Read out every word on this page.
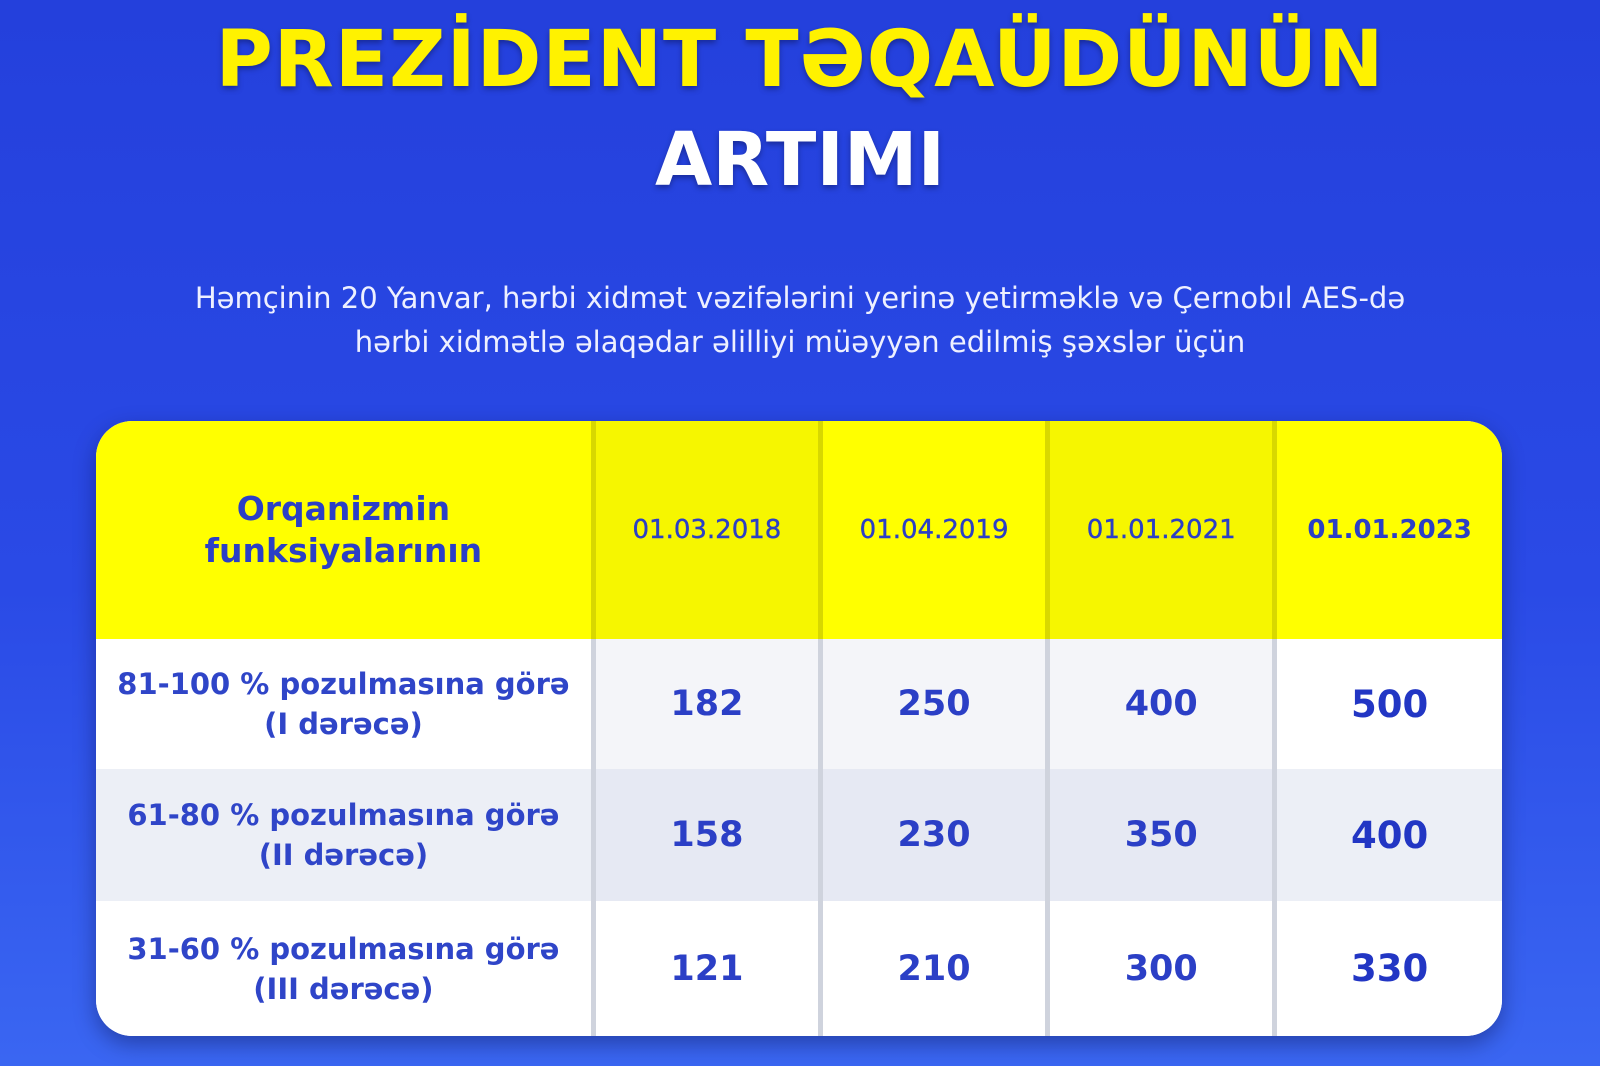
PREZİDENT TƏQAÜDÜNÜN
ARTIMI
Həmçinin 20 Yanvar, hərbi xidmət vəzifələrini yerinə yetirməklə və Çernobıl AES-də
hərbi xidmətlə əlaqədar əlilliyi müəyyən edilmiş şəxslər üçün
Orqanizmin
funksiyalarının	01.03.2018	01.04.2019	01.01.2021	01.01.2023

81-100 % pozulmasına görə
(I dərəcə)	182	250	400	500

61-80 % pozulmasına görə
(II dərəcə)	158	230	350	400

31-60 % pozulmasına görə
(III dərəcə)	121	210	300	330
